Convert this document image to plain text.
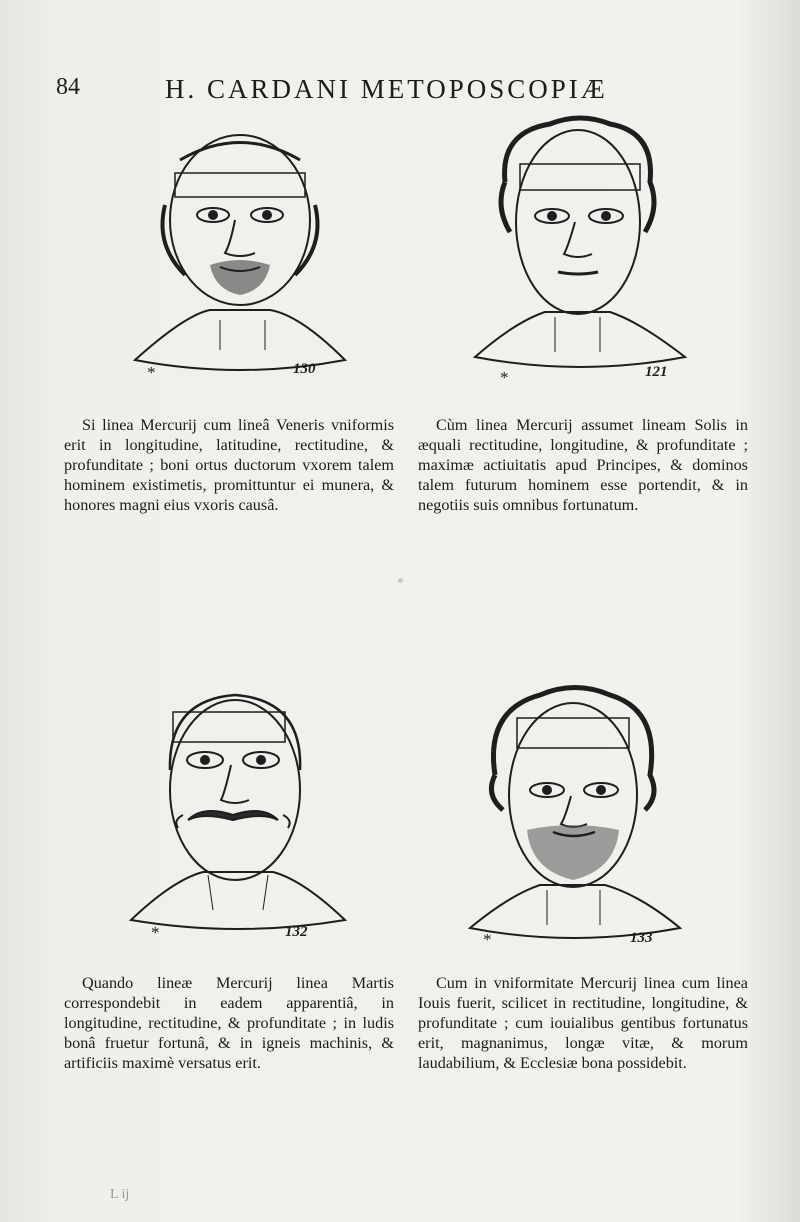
84	H. CARDANI METOPOSCOPIÆ
*	130	*	121
Si linea Mercurij cum lineâ Veneris vniformis erit in longitudine, latitudine, rectitudine, & profunditate ; boni ortus ductorum vxorem talem hominem existimetis, promittuntur ei munera, & honores magni eius vxoris causâ.
Cùm linea Mercurij assumet lineam Solis in æquali rectitudine, longitudine, & profunditate ; maximæ actiuitatis apud Principes, & dominos talem futurum hominem esse portendit, & in negotiis suis omnibus fortunatum.
*	132	*	133
Quando lineæ Mercurij linea Martis correspondebit in eadem apparentiâ, in longitudine, rectitudine, & profunditate ; in ludis bonâ fruetur fortunâ, & in igneis machinis, & artificiis maximè versatus erit.
Cum in vniformitate Mercurij linea cum linea Iouis fuerit, scilicet in rectitudine, longitudine, & profunditate ; cum iouialibus gentibus fortunatus erit, magnanimus, longæ vitæ, & morum laudabilium, & Ecclesiæ bona possidebit.
L ij
